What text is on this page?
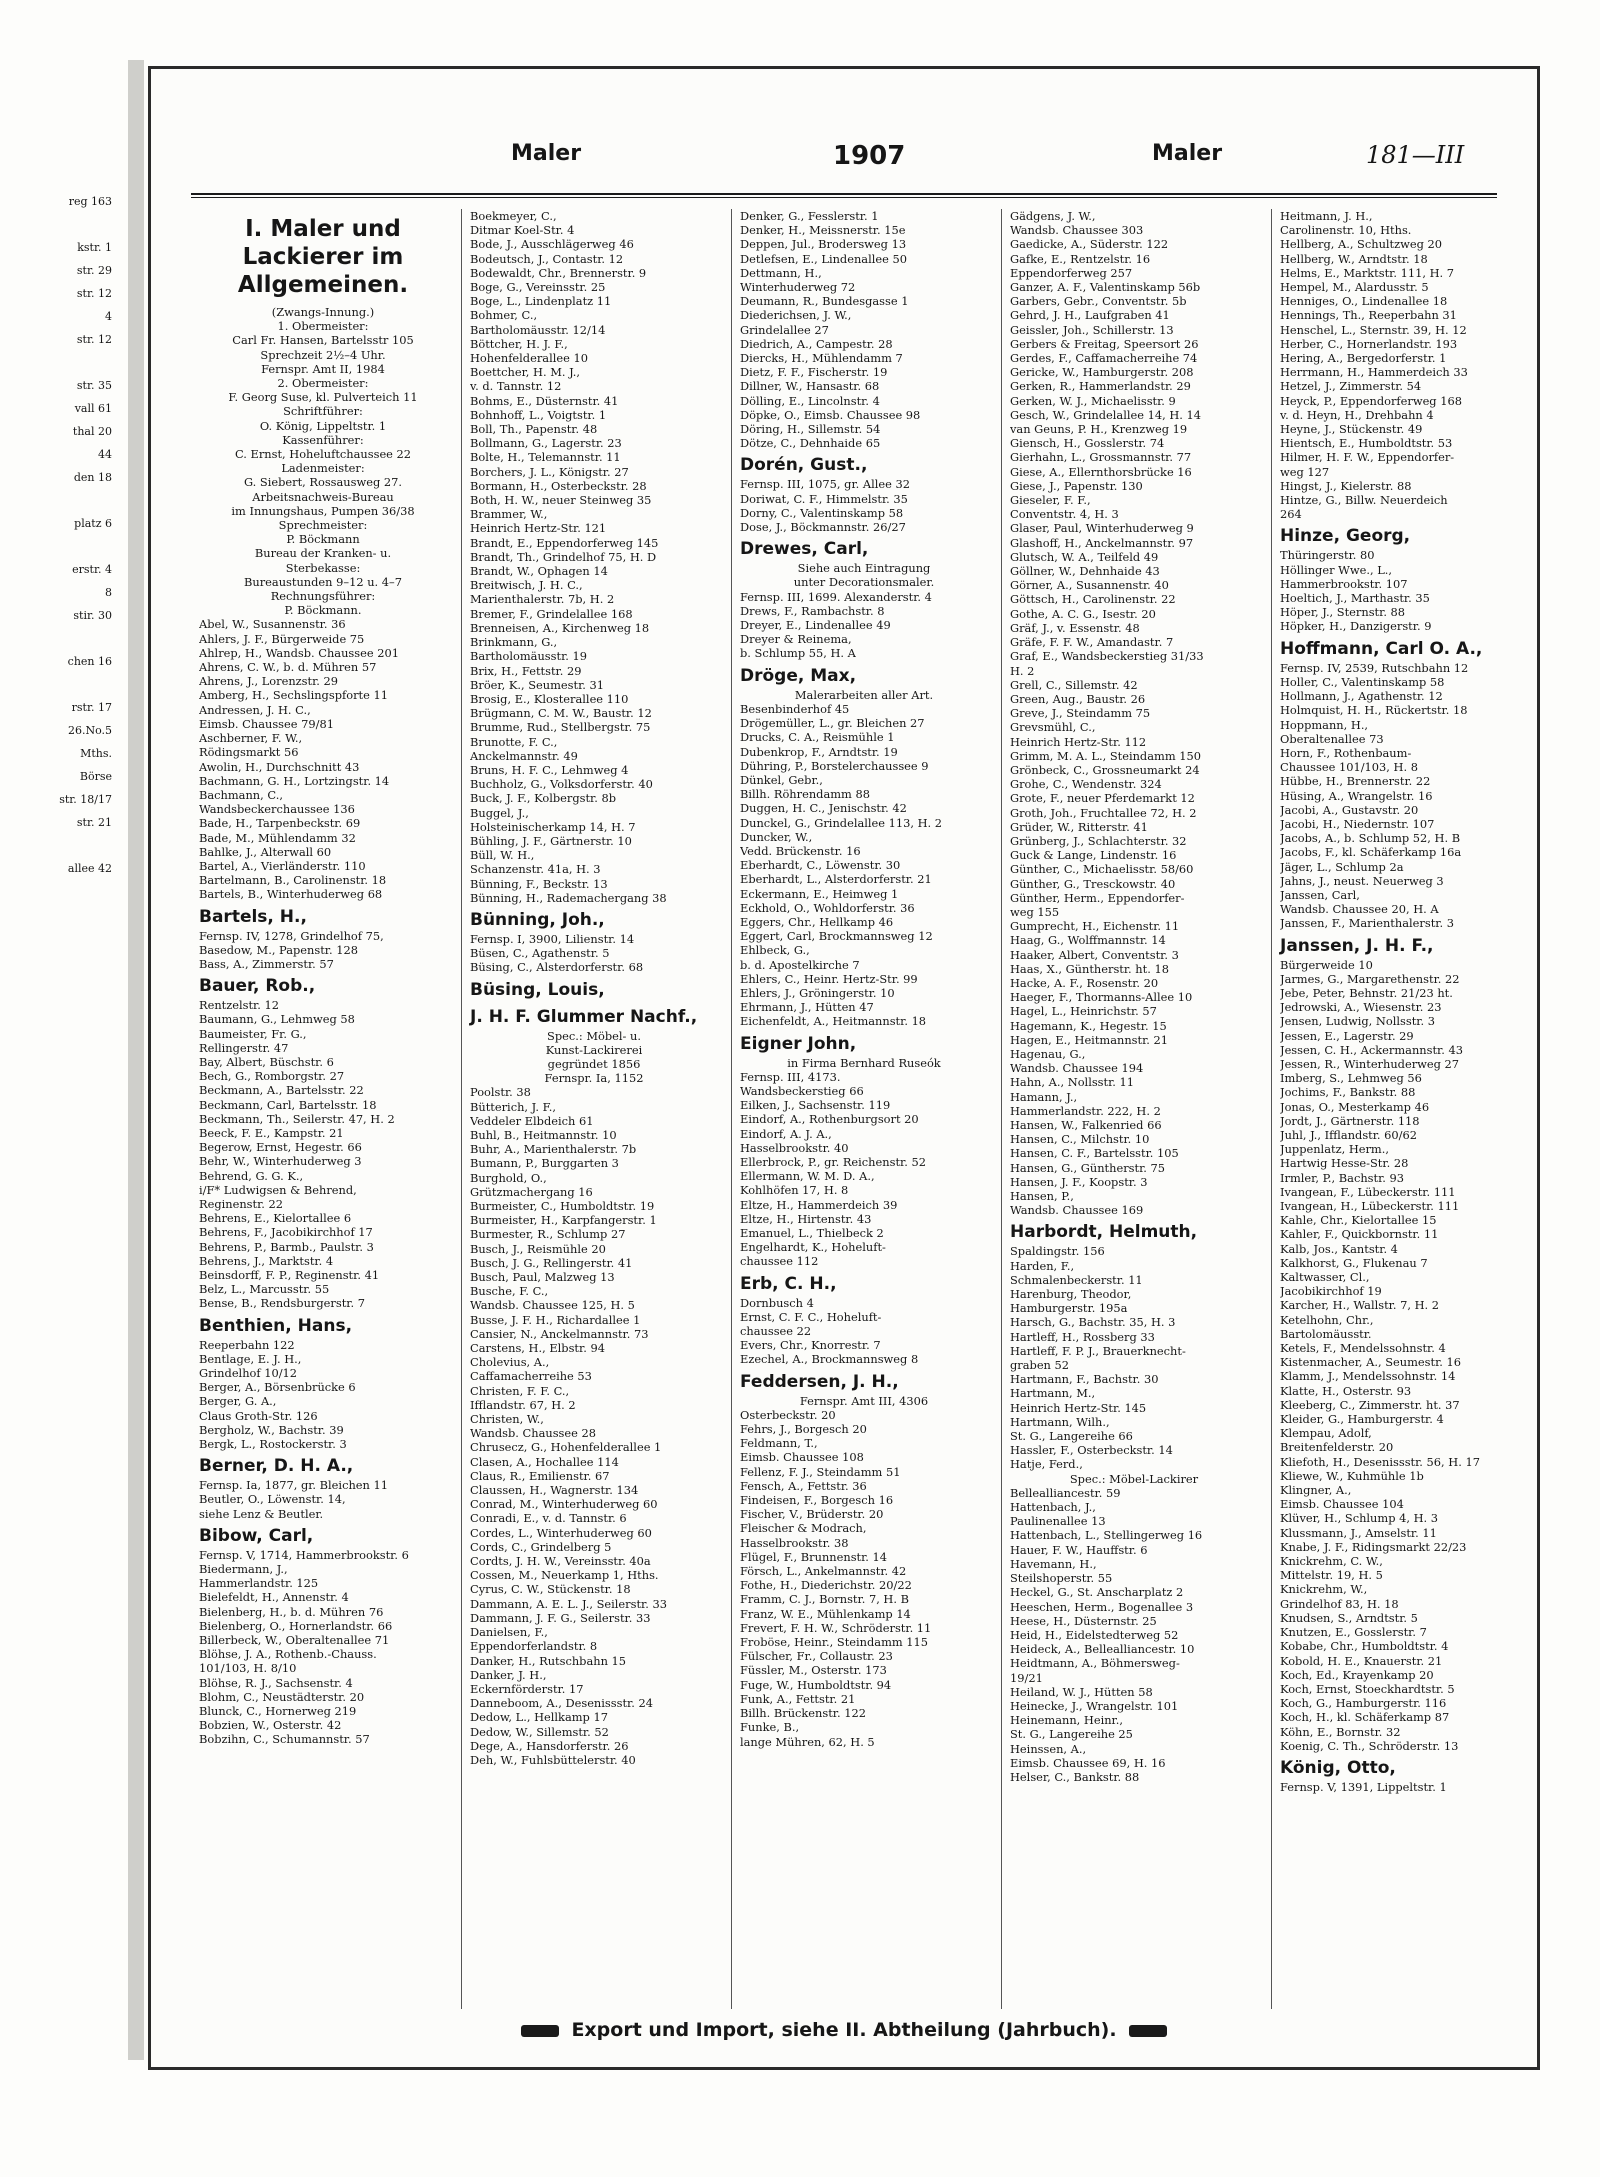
reg 163

kstr. 1
str. 29
str. 12
4
str. 12

str. 35
vall 61
thal 20
44
den 18

platz 6

erstr. 4
8
stir. 30

chen 16

rstr. 17
26.No.5
Mths.
Börse
str. 18/17
str. 21

allee 42
Maler	1907	Maler	181—III
I. Maler und Lackierer im Allgemeinen.
(Zwangs-Innung.)
1. Obermeister:
Carl Fr. Hansen, Bartelsstr 105
Sprechzeit 2½–4 Uhr.
Fernspr. Amt II, 1984
2. Obermeister:
F. Georg Suse, kl. Pulverteich 11
Schriftführer:
O. König, Lippeltstr. 1
Kassenführer:
C. Ernst, Hoheluftchaussee 22
Ladenmeister:
G. Siebert, Rossausweg 27.
Arbeitsnachweis-Bureau
im Innungshaus, Pumpen 36/38
Sprechmeister:
P. Böckmann
Bureau der Kranken- u.
Sterbekasse:
Bureaustunden 9–12 u. 4–7
Rechnungsführer:
P. Böckmann.
Abel, W., Susannenstr. 36
Ahlers, J. F., Bürgerweide 75
Ahlrep, H., Wandsb. Chaussee 201
Ahrens, C. W., b. d. Mühren 57
Ahrens, J., Lorenzstr. 29
Amberg, H., Sechslingspforte 11
Andressen, J. H. C.,
Eimsb. Chaussee 79/81
Aschberner, F. W.,
Rödingsmarkt 56
Awolin, H., Durchschnitt 43
Bachmann, G. H., Lortzingstr. 14
Bachmann, C.,
Wandsbeckerchaussee 136
Bade, H., Tarpenbeckstr. 69
Bade, M., Mühlendamm 32
Bahlke, J., Alterwall 60
Bartel, A., Vierländerstr. 110
Bartelmann, B., Carolinenstr. 18
Bartels, B., Winterhuderweg 68
Bartels, H.,
Fernsp. IV, 1278, Grindelhof 75,
Basedow, M., Papenstr. 128
Bass, A., Zimmerstr. 57
Bauer, Rob.,
Rentzelstr. 12
Baumann, G., Lehmweg 58
Baumeister, Fr. G.,
Rellingerstr. 47
Bay, Albert, Büschstr. 6
Bech, G., Romborgstr. 27
Beckmann, A., Bartelsstr. 22
Beckmann, Carl, Bartelsstr. 18
Beckmann, Th., Seilerstr. 47, H. 2
Beeck, F. E., Kampstr. 21
Begerow, Ernst, Hegestr. 66
Behr, W., Winterhuderweg 3
Behrend, G. G. K.,
i/F* Ludwigsen & Behrend,
Reginenstr. 22
Behrens, E., Kielortallee 6
Behrens, F., Jacobikirchhof 17
Behrens, P., Barmb., Paulstr. 3
Behrens, J., Marktstr. 4
Beinsdorff, F. P., Reginenstr. 41
Belz, L., Marcusstr. 55
Bense, B., Rendsburgerstr. 7
Benthien, Hans,
Reeperbahn 122
Bentlage, E. J. H.,
Grindelhof 10/12
Berger, A., Börsenbrücke 6
Berger, G. A.,
Claus Groth-Str. 126
Bergholz, W., Bachstr. 39
Bergk, L., Rostockerstr. 3
Berner, D. H. A.,
Fernsp. Ia, 1877, gr. Bleichen 11
Beutler, O., Löwenstr. 14,
siehe Lenz & Beutler.
Bibow, Carl,
Fernsp. V, 1714, Hammerbrookstr. 6
Biedermann, J.,
Hammerlandstr. 125
Bielefeldt, H., Annenstr. 4
Bielenberg, H., b. d. Mühren 76
Bielenberg, O., Hornerlandstr. 66
Billerbeck, W., Oberaltenallee 71
Blöhse, J. A., Rothenb.-Chauss.
101/103, H. 8/10
Blöhse, R. J., Sachsenstr. 4
Blohm, C., Neustädterstr. 20
Blunck, C., Hornerweg 219
Bobzien, W., Osterstr. 42
Bobzihn, C., Schumannstr. 57
Boekmeyer, C.,
Ditmar Koel-Str. 4
Bode, J., Ausschlägerweg 46
Bodeutsch, J., Contastr. 12
Bodewaldt, Chr., Brennerstr. 9
Boge, G., Vereinsstr. 25
Boge, L., Lindenplatz 11
Bohmer, C.,
Bartholomäusstr. 12/14
Böttcher, H. J. F.,
Hohenfelderallee 10
Boettcher, H. M. J.,
v. d. Tannstr. 12
Bohms, E., Düsternstr. 41
Bohnhoff, L., Voigtstr. 1
Boll, Th., Papenstr. 48
Bollmann, G., Lagerstr. 23
Bolte, H., Telemannstr. 11
Borchers, J. L., Königstr. 27
Bormann, H., Osterbeckstr. 28
Both, H. W., neuer Steinweg 35
Brammer, W.,
Heinrich Hertz-Str. 121
Brandt, E., Eppendorferweg 145
Brandt, Th., Grindelhof 75, H. D
Brandt, W., Ophagen 14
Breitwisch, J. H. C.,
Marienthalerstr. 7b, H. 2
Bremer, F., Grindelallee 168
Brenneisen, A., Kirchenweg 18
Brinkmann, G.,
Bartholomäusstr. 19
Brix, H., Fettstr. 29
Bröer, K., Seumestr. 31
Brosig, E., Klosterallee 110
Brügmann, C. M. W., Baustr. 12
Brumme, Rud., Stellbergstr. 75
Brunotte, F. C.,
Anckelmannstr. 49
Bruns, H. F. C., Lehmweg 4
Buchholz, G., Volksdorferstr. 40
Buck, J. F., Kolbergstr. 8b
Buggel, J.,
Holsteinischerkamp 14, H. 7
Bühling, J. F., Gärtnerstr. 10
Büll, W. H.,
Schanzenstr. 41a, H. 3
Bünning, F., Beckstr. 13
Bünning, H., Rademachergang 38
Bünning, Joh.,
Fernsp. I, 3900, Lilienstr. 14
Büsen, C., Agathenstr. 5
Büsing, C., Alsterdorferstr. 68
Büsing, Louis,
J. H. F. Glummer Nachf.,
Spec.: Möbel- u.
Kunst-Lackirerei
gegründet 1856
Fernspr. Ia, 1152
Poolstr. 38
Bütterich, J. F.,
Veddeler Elbdeich 61
Buhl, B., Heitmannstr. 10
Buhr, A., Marienthalerstr. 7b
Bumann, P., Burggarten 3
Burghold, O.,
Grützmachergang 16
Burmeister, C., Humboldtstr. 19
Burmeister, H., Karpfangerstr. 1
Burmester, R., Schlump 27
Busch, J., Reismühle 20
Busch, J. G., Rellingerstr. 41
Busch, Paul, Malzweg 13
Busche, F. C.,
Wandsb. Chaussee 125, H. 5
Busse, J. F. H., Richardallee 1
Cansier, N., Anckelmannstr. 73
Carstens, H., Elbstr. 94
Cholevius, A.,
Caffamacherreihe 53
Christen, F. F. C.,
Ifflandstr. 67, H. 2
Christen, W.,
Wandsb. Chaussee 28
Chrusecz, G., Hohenfelderallee 1
Clasen, A., Hochallee 114
Claus, R., Emilienstr. 67
Claussen, H., Wagnerstr. 134
Conrad, M., Winterhuderweg 60
Conradi, E., v. d. Tannstr. 6
Cordes, L., Winterhuderweg 60
Cords, C., Grindelberg 5
Cordts, J. H. W., Vereinsstr. 40a
Cossen, M., Neuerkamp 1, Hths.
Cyrus, C. W., Stückenstr. 18
Dammann, A. E. L. J., Seilerstr. 33
Dammann, J. F. G., Seilerstr. 33
Danielsen, F.,
Eppendorferlandstr. 8
Danker, H., Rutschbahn 15
Danker, J. H.,
Eckernförderstr. 17
Danneboom, A., Desenissstr. 24
Dedow, L., Hellkamp 17
Dedow, W., Sillemstr. 52
Dege, A., Hansdorferstr. 26
Deh, W., Fuhlsbüttelerstr. 40
Denker, G., Fesslerstr. 1
Denker, H., Meissnerstr. 15e
Deppen, Jul., Brodersweg 13
Detlefsen, E., Lindenallee 50
Dettmann, H.,
Winterhuderweg 72
Deumann, R., Bundesgasse 1
Diederichsen, J. W.,
Grindelallee 27
Diedrich, A., Campestr. 28
Diercks, H., Mühlendamm 7
Dietz, F. F., Fischerstr. 19
Dillner, W., Hansastr. 68
Dölling, E., Lincolnstr. 4
Döpke, O., Eimsb. Chaussee 98
Döring, H., Sillemstr. 54
Dötze, C., Dehnhaide 65
Dorén, Gust.,
Fernsp. III, 1075, gr. Allee 32
Doriwat, C. F., Himmelstr. 35
Dorny, C., Valentinskamp 58
Dose, J., Böckmannstr. 26/27
Drewes, Carl,
Siehe auch Eintragung
unter Decorationsmaler.
Fernsp. III, 1699. Alexanderstr. 4
Drews, F., Rambachstr. 8
Dreyer, E., Lindenallee 49
Dreyer & Reinema,
b. Schlump 55, H. A
Dröge, Max,
Malerarbeiten aller Art.
Besenbinderhof 45
Drögemüller, L., gr. Bleichen 27
Drucks, C. A., Reismühle 1
Dubenkrop, F., Arndtstr. 19
Dühring, P., Borstelerchaussee 9
Dünkel, Gebr.,
Billh. Röhrendamm 88
Duggen, H. C., Jenischstr. 42
Dunckel, G., Grindelallee 113, H. 2
Duncker, W.,
Vedd. Brückenstr. 16
Eberhardt, C., Löwenstr. 30
Eberhardt, L., Alsterdorferstr. 21
Eckermann, E., Heimweg 1
Eckhold, O., Wohldorferstr. 36
Eggers, Chr., Hellkamp 46
Eggert, Carl, Brockmannsweg 12
Ehlbeck, G.,
b. d. Apostelkirche 7
Ehlers, C., Heinr. Hertz-Str. 99
Ehlers, J., Gröningerstr. 10
Ehrmann, J., Hütten 47
Eichenfeldt, A., Heitmannstr. 18
Eigner John,
in Firma Bernhard Ruseók
Fernsp. III, 4173.
Wandsbeckerstieg 66
Eilken, J., Sachsenstr. 119
Eindorf, A., Rothenburgsort 20
Eindorf, A. J. A.,
Hasselbrookstr. 40
Ellerbrock, P., gr. Reichenstr. 52
Ellermann, W. M. D. A.,
Kohlhöfen 17, H. 8
Eltze, H., Hammerdeich 39
Eltze, H., Hirtenstr. 43
Emanuel, L., Thielbeck 2
Engelhardt, K., Hoheluft-
chaussee 112
Erb, C. H.,
Dornbusch 4
Ernst, C. F. C., Hoheluft-
chaussee 22
Evers, Chr., Knorrestr. 7
Ezechel, A., Brockmannsweg 8
Feddersen, J. H.,
Fernspr. Amt III, 4306
Osterbeckstr. 20
Fehrs, J., Borgesch 20
Feldmann, T.,
Eimsb. Chaussee 108
Fellenz, F. J., Steindamm 51
Fensch, A., Fettstr. 36
Findeisen, F., Borgesch 16
Fischer, V., Brüderstr. 20
Fleischer & Modrach,
Hasselbrookstr. 38
Flügel, F., Brunnenstr. 14
Försch, L., Ankelmannstr. 42
Fothe, H., Diederichstr. 20/22
Framm, C. J., Bornstr. 7, H. B
Franz, W. E., Mühlenkamp 14
Frevert, F. H. W., Schröderstr. 11
Froböse, Heinr., Steindamm 115
Fülscher, Fr., Collaustr. 23
Füssler, M., Osterstr. 173
Fuge, W., Humboldtstr. 94
Funk, A., Fettstr. 21
Billh. Brückenstr. 122
Funke, B.,
lange Mühren, 62, H. 5
Gädgens, J. W.,
Wandsb. Chaussee 303
Gaedicke, A., Süderstr. 122
Gafke, E., Rentzelstr. 16
Eppendorferweg 257
Ganzer, A. F., Valentinskamp 56b
Garbers, Gebr., Conventstr. 5b
Gehrd, J. H., Laufgraben 41
Geissler, Joh., Schillerstr. 13
Gerbers & Freitag, Speersort 26
Gerdes, F., Caffamacherreihe 74
Gericke, W., Hamburgerstr. 208
Gerken, R., Hammerlandstr. 29
Gerken, W. J., Michaelisstr. 9
Gesch, W., Grindelallee 14, H. 14
van Geuns, P. H., Krenzweg 19
Giensch, H., Gosslerstr. 74
Gierhahn, L., Grossmannstr. 77
Giese, A., Ellernthorsbrücke 16
Giese, J., Papenstr. 130
Gieseler, F. F.,
Conventstr. 4, H. 3
Glaser, Paul, Winterhuderweg 9
Glashoff, H., Anckelmannstr. 97
Glutsch, W. A., Teilfeld 49
Göllner, W., Dehnhaide 43
Görner, A., Susannenstr. 40
Göttsch, H., Carolinenstr. 22
Gothe, A. C. G., Isestr. 20
Gräf, J., v. Essenstr. 48
Gräfe, F. F. W., Amandastr. 7
Graf, E., Wandsbeckerstieg 31/33
H. 2
Grell, C., Sillemstr. 42
Green, Aug., Baustr. 26
Greve, J., Steindamm 75
Grevsmühl, C.,
Heinrich Hertz-Str. 112
Grimm, M. A. L., Steindamm 150
Grönbeck, C., Grossneumarkt 24
Grohe, C., Wendenstr. 324
Grote, F., neuer Pferdemarkt 12
Groth, Joh., Fruchtallee 72, H. 2
Grüder, W., Ritterstr. 41
Grünberg, J., Schlachterstr. 32
Guck & Lange, Lindenstr. 16
Günther, C., Michaelisstr. 58/60
Günther, G., Tresckowstr. 40
Günther, Herm., Eppendorfer-
weg 155
Gumprecht, H., Eichenstr. 11
Haag, G., Wolffmannstr. 14
Haaker, Albert, Conventstr. 3
Haas, X., Güntherstr. ht. 18
Hacke, A. F., Rosenstr. 20
Haeger, F., Thormanns-Allee 10
Hagel, L., Heinrichstr. 57
Hagemann, K., Hegestr. 15
Hagen, E., Heitmannstr. 21
Hagenau, G.,
Wandsb. Chaussee 194
Hahn, A., Nollsstr. 11
Hamann, J.,
Hammerlandstr. 222, H. 2
Hansen, W., Falkenried 66
Hansen, C., Milchstr. 10
Hansen, C. F., Bartelsstr. 105
Hansen, G., Güntherstr. 75
Hansen, J. F., Koopstr. 3
Hansen, P.,
Wandsb. Chaussee 169
Harbordt, Helmuth,
Spaldingstr. 156
Harden, F.,
Schmalenbeckerstr. 11
Harenburg, Theodor,
Hamburgerstr. 195a
Harsch, G., Bachstr. 35, H. 3
Hartleff, H., Rossberg 33
Hartleff, F. P. J., Brauerknecht-
graben 52
Hartmann, F., Bachstr. 30
Hartmann, M.,
Heinrich Hertz-Str. 145
Hartmann, Wilh.,
St. G., Langereihe 66
Hassler, F., Osterbeckstr. 14
Hatje, Ferd.,
Spec.: Möbel-Lackirer
Bellealliancestr. 59
Hattenbach, J.,
Paulinenallee 13
Hattenbach, L., Stellingerweg 16
Hauer, F. W., Hauffstr. 6
Havemann, H.,
Steilshoperstr. 55
Heckel, G., St. Anscharplatz 2
Heeschen, Herm., Bogenallee 3
Heese, H., Düsternstr. 25
Heid, H., Eidelstedterweg 52
Heideck, A., Bellealliancestr. 10
Heidtmann, A., Böhmersweg-
19/21
Heiland, W. J., Hütten 58
Heinecke, J., Wrangelstr. 101
Heinemann, Heinr.,
St. G., Langereihe 25
Heinssen, A.,
Eimsb. Chaussee 69, H. 16
Helser, C., Bankstr. 88
Heitmann, J. H.,
Carolinenstr. 10, Hths.
Hellberg, A., Schultzweg 20
Hellberg, W., Arndtstr. 18
Helms, E., Marktstr. 111, H. 7
Hempel, M., Alardusstr. 5
Henniges, O., Lindenallee 18
Hennings, Th., Reeperbahn 31
Henschel, L., Sternstr. 39, H. 12
Herber, C., Hornerlandstr. 193
Hering, A., Bergedorferstr. 1
Herrmann, H., Hammerdeich 33
Hetzel, J., Zimmerstr. 54
Heyck, P., Eppendorferweg 168
v. d. Heyn, H., Drehbahn 4
Heyne, J., Stückenstr. 49
Hientsch, E., Humboldtstr. 53
Hilmer, H. F. W., Eppendorfer-
weg 127
Hingst, J., Kielerstr. 88
Hintze, G., Billw. Neuerdeich
264
Hinze, Georg,
Thüringerstr. 80
Höllinger Wwe., L.,
Hammerbrookstr. 107
Hoeltich, J., Marthastr. 35
Höper, J., Sternstr. 88
Höpker, H., Danzigerstr. 9
Hoffmann, Carl O. A.,
Fernsp. IV, 2539, Rutschbahn 12
Holler, C., Valentinskamp 58
Hollmann, J., Agathenstr. 12
Holmquist, H. H., Rückertstr. 18
Hoppmann, H.,
Oberaltenallee 73
Horn, F., Rothenbaum-
Chaussee 101/103, H. 8
Hübbe, H., Brennerstr. 22
Hüsing, A., Wrangelstr. 16
Jacobi, A., Gustavstr. 20
Jacobi, H., Niedernstr. 107
Jacobs, A., b. Schlump 52, H. B
Jacobs, F., kl. Schäferkamp 16a
Jäger, L., Schlump 2a
Jahns, J., neust. Neuerweg 3
Janssen, Carl,
Wandsb. Chaussee 20, H. A
Janssen, F., Marienthalerstr. 3
Janssen, J. H. F.,
Bürgerweide 10
Jarmes, G., Margarethenstr. 22
Jebe, Peter, Behnstr. 21/23 ht.
Jedrowski, A., Wiesenstr. 23
Jensen, Ludwig, Nollsstr. 3
Jessen, E., Lagerstr. 29
Jessen, C. H., Ackermannstr. 43
Jessen, R., Winterhuderweg 27
Imberg, S., Lehmweg 56
Jochims, F., Bankstr. 88
Jonas, O., Mesterkamp 46
Jordt, J., Gärtnerstr. 118
Juhl, J., Ifflandstr. 60/62
Juppenlatz, Herm.,
Hartwig Hesse-Str. 28
Irmler, P., Bachstr. 93
Ivangean, F., Lübeckerstr. 111
Ivangean, H., Lübeckerstr. 111
Kahle, Chr., Kielortallee 15
Kahler, F., Quickbornstr. 11
Kalb, Jos., Kantstr. 4
Kalkhorst, G., Flukenau 7
Kaltwasser, Cl.,
Jacobikirchhof 19
Karcher, H., Wallstr. 7, H. 2
Ketelhohn, Chr.,
Bartolomäusstr.
Ketels, F., Mendelssohnstr. 4
Kistenmacher, A., Seumestr. 16
Klamm, J., Mendelssohnstr. 14
Klatte, H., Osterstr. 93
Kleeberg, C., Zimmerstr. ht. 37
Kleider, G., Hamburgerstr. 4
Klempau, Adolf,
Breitenfelderstr. 20
Kliefoth, H., Desenissstr. 56, H. 17
Kliewe, W., Kuhmühle 1b
Klingner, A.,
Eimsb. Chaussee 104
Klüver, H., Schlump 4, H. 3
Klussmann, J., Amselstr. 11
Knabe, J. F., Ridingsmarkt 22/23
Knickrehm, C. W.,
Mittelstr. 19, H. 5
Knickrehm, W.,
Grindelhof 83, H. 18
Knudsen, S., Arndtstr. 5
Knutzen, E., Gosslerstr. 7
Kobabe, Chr., Humboldtstr. 4
Kobold, H. E., Knauerstr. 21
Koch, Ed., Krayenkamp 20
Koch, Ernst, Stoeckhardtstr. 5
Koch, G., Hamburgerstr. 116
Koch, H., kl. Schäferkamp 87
Köhn, E., Bornstr. 32
Koenig, C. Th., Schröderstr. 13
König, Otto,
Fernsp. V, 1391, Lippeltstr. 1
Export und Import, siehe II. Abtheilung (Jahrbuch).
